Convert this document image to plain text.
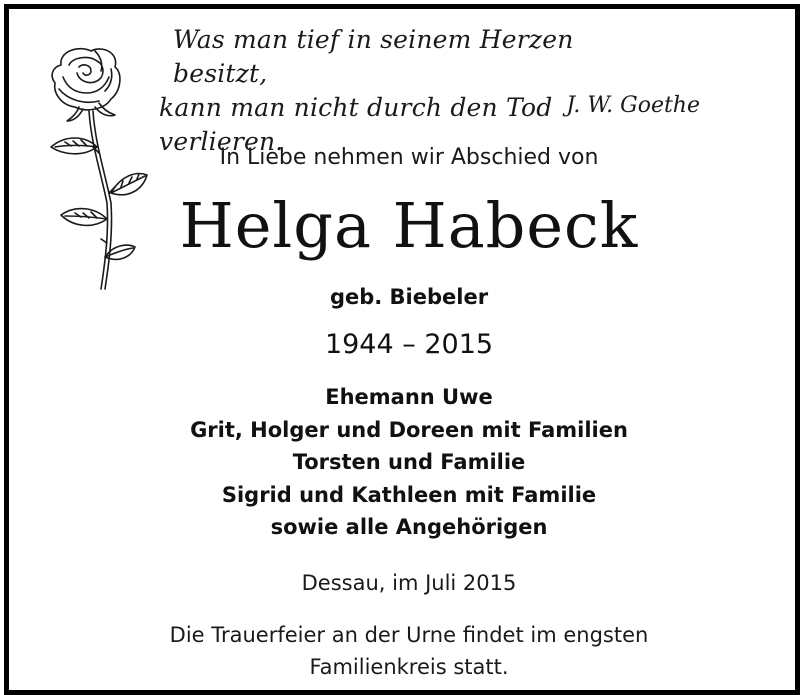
Was man tief in seinem Herzen besitzt,
kann man nicht durch den Tod verlieren.
J. W. Goethe
In Liebe nehmen wir Abschied von
Helga Habeck
geb. Biebeler
1944 – 2015
Ehemann Uwe
Grit, Holger und Doreen mit Familien
Torsten und Familie
Sigrid und Kathleen mit Familie
sowie alle Angehörigen
Dessau, im Juli 2015
Die Trauerfeier an der Urne findet im engsten
Familienkreis statt.
